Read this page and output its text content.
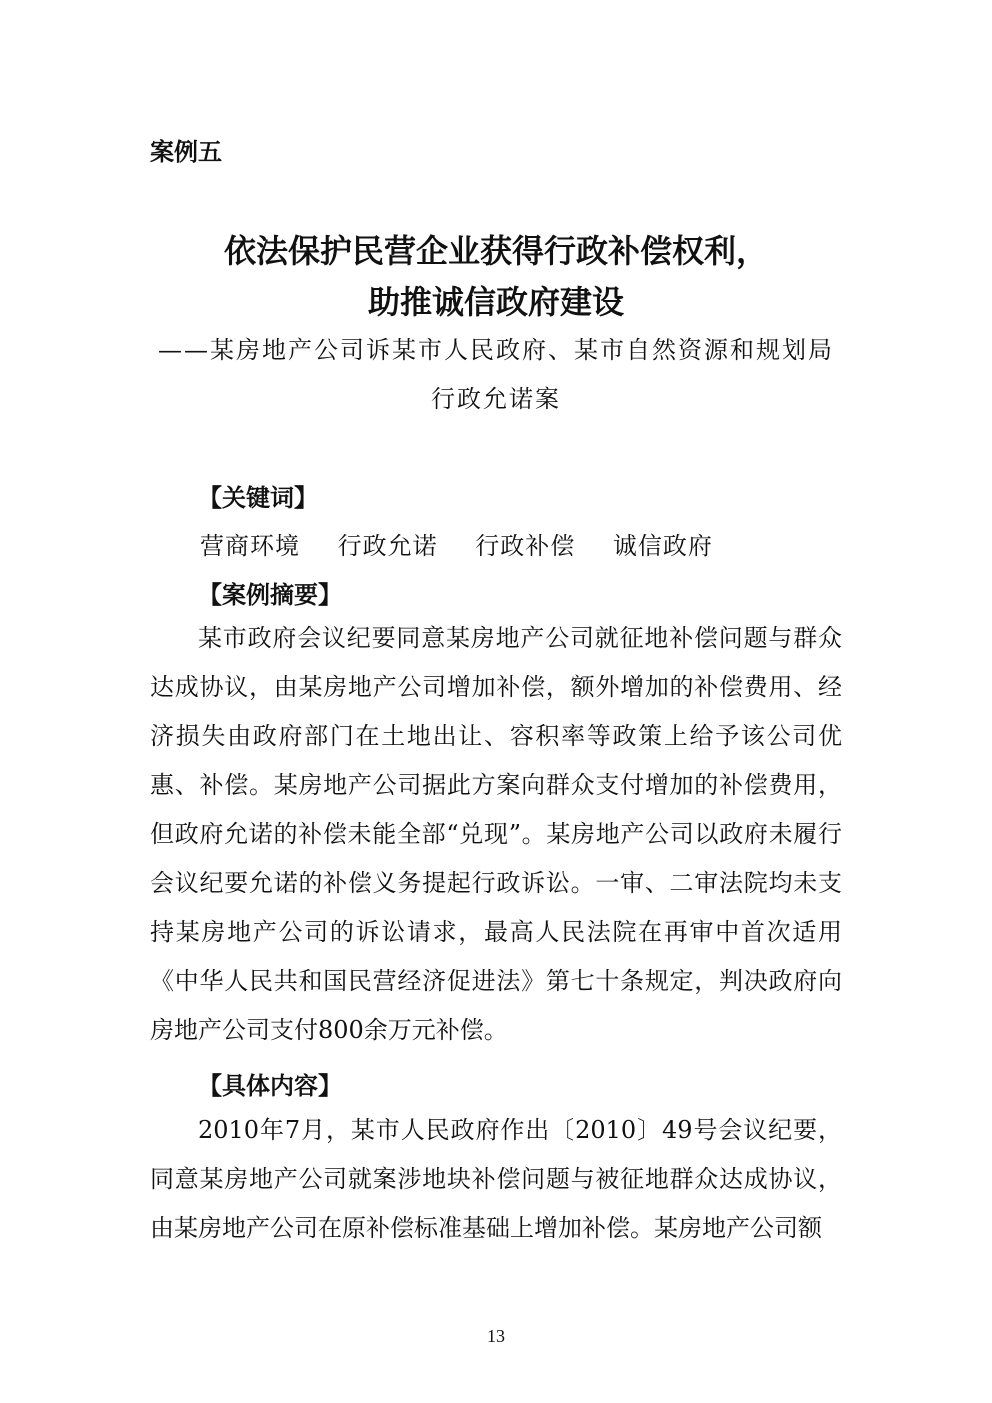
案例五
依法保护民营企业获得行政补偿权利，
助推诚信政府建设
——某房地产公司诉某市人民政府、某市自然资源和规划局
行政允诺案
【关键词】
营商环境 行政允诺 行政补偿 诚信政府
【案例摘要】

某市政府会议纪要同意某房地产公司就征地补偿问题与群众达成协议，由某房地产公司增加补偿，额外增加的补偿费用、经济损失由政府部门在土地出让、容积率等政策上给予该公司优惠、补偿。某房地产公司据此方案向群众支付增加的补偿费用，但政府允诺的补偿未能全部“兑现”。某房地产公司以政府未履行会议纪要允诺的补偿义务提起行政诉讼。一审、二审法院均未支持某房地产公司的诉讼请求，最高人民法院在再审中首次适用《中华人民共和国民营经济促进法》第七十条规定，判决政府向房地产公司支付800余万元补偿。

【具体内容】

2010年7月，某市人民政府作出〔2010〕49号会议纪要，同意某房地产公司就案涉地块补偿问题与被征地群众达成协议，由某房地产公司在原补偿标准基础上增加补偿。某房地产公司额

13
